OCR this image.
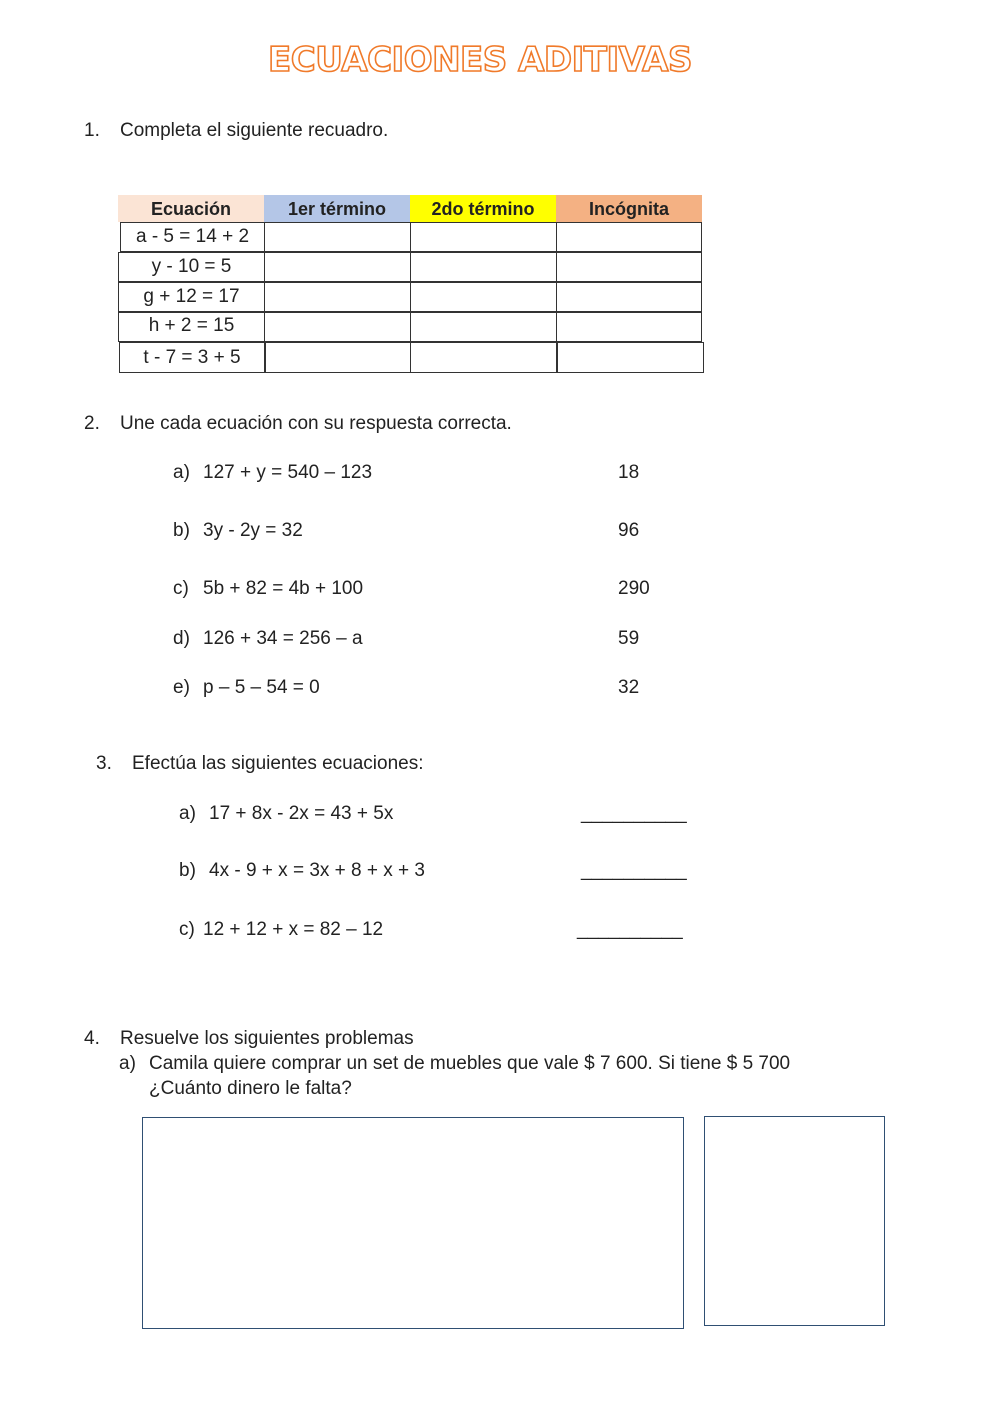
ECUACIONES ADITIVAS
1. Completa el siguiente recuadro.
Ecuación	1er término	2do término	Incógnita
a - 5 = 14 + 2
y - 10 = 5
g + 12 = 17
h + 2 = 15
t - 7 = 3 + 5
2. Une cada ecuación con su respuesta correcta.
a) 127 + y = 540 – 123	18
b) 3y - 2y = 32	96
c) 5b + 82 = 4b + 100	290
d) 126 + 34 = 256 – a	59
e) p – 5 – 54 = 0	32
3. Efectúa las siguientes ecuaciones:
a) 17 + 8x - 2x = 43 + 5x	__________
b) 4x - 9 + x = 3x + 8 + x + 3	__________
c) 12 + 12 + x = 82 – 12	__________
4. Resuelve los siguientes problemas
a) Camila quiere comprar un set de muebles que vale $ 7 600. Si tiene $ 5 700
¿Cuánto dinero le falta?
